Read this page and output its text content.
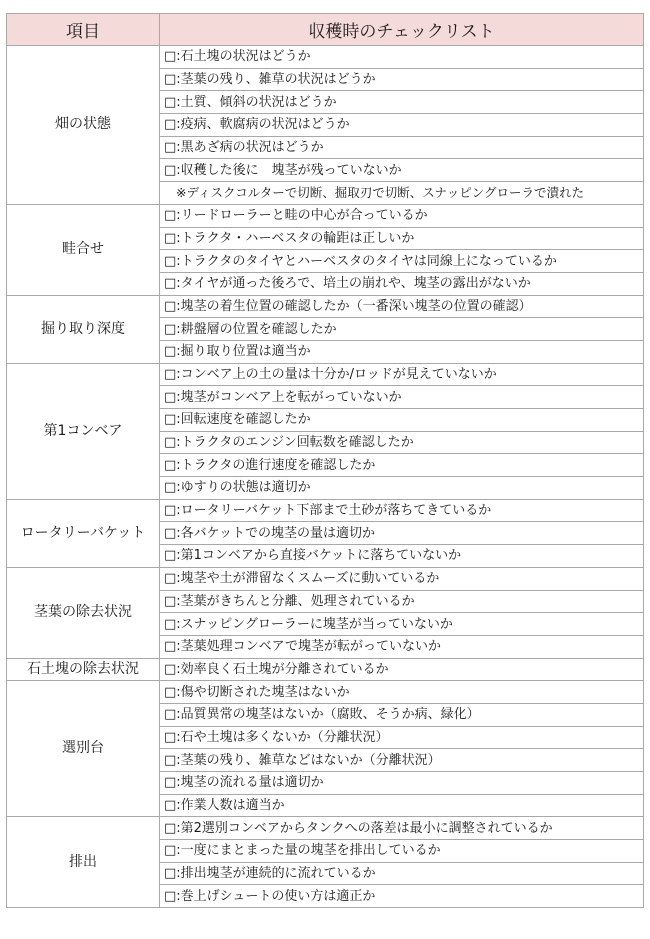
項目	収穫時のチェックリスト
畑の状態	□:石土塊の状況はどうか
	□:茎葉の残り、雑草の状況はどうか
	□:土質、傾斜の状況はどうか
	□:疫病、軟腐病の状況はどうか
	□:黒あざ病の状況はどうか
	□:収穫した後に　塊茎が残っていないか
	※ディスクコルターで切断、掘取刃で切断、スナッピングローラで潰れた
畦合せ	□:リードローラーと畦の中心が合っているか
	□:トラクタ・ハーベスタの輪距は正しいか
	□:トラクタのタイヤとハーベスタのタイヤは同線上になっているか
	□:タイヤが通った後ろで、培土の崩れや、塊茎の露出がないか
掘り取り深度	□:塊茎の着生位置の確認したか（一番深い塊茎の位置の確認）
	□:耕盤層の位置を確認したか
	□:掘り取り位置は適当か
第1コンベア	□:コンベア上の土の量は十分か/ロッドが見えていないか
	□:塊茎がコンベア上を転がっていないか
	□:回転速度を確認したか
	□:トラクタのエンジン回転数を確認したか
	□:トラクタの進行速度を確認したか
	□:ゆすりの状態は適切か
ロータリーバケット	□:ロータリーバケット下部まで土砂が落ちてきているか
	□:各バケットでの塊茎の量は適切か
	□:第1コンベアから直接バケットに落ちていないか
茎葉の除去状況	□:塊茎や土が滞留なくスムーズに動いているか
	□:茎葉がきちんと分離、処理されているか
	□:スナッピングローラーに塊茎が当っていないか
	□:茎葉処理コンベアで塊茎が転がっていないか
石土塊の除去状況	□:効率良く石土塊が分離されているか
選別台	□:傷や切断された塊茎はないか
	□:品質異常の塊茎はないか（腐敗、そうか病、緑化）
	□:石や土塊は多くないか（分離状況）
	□:茎葉の残り、雑草などはないか（分離状況）
	□:塊茎の流れる量は適切か
	□:作業人数は適当か
排出	□:第2選別コンベアからタンクへの落差は最小に調整されているか
	□:一度にまとまった量の塊茎を排出しているか
	□:排出塊茎が連続的に流れているか
	□:巻上げシュートの使い方は適正か
